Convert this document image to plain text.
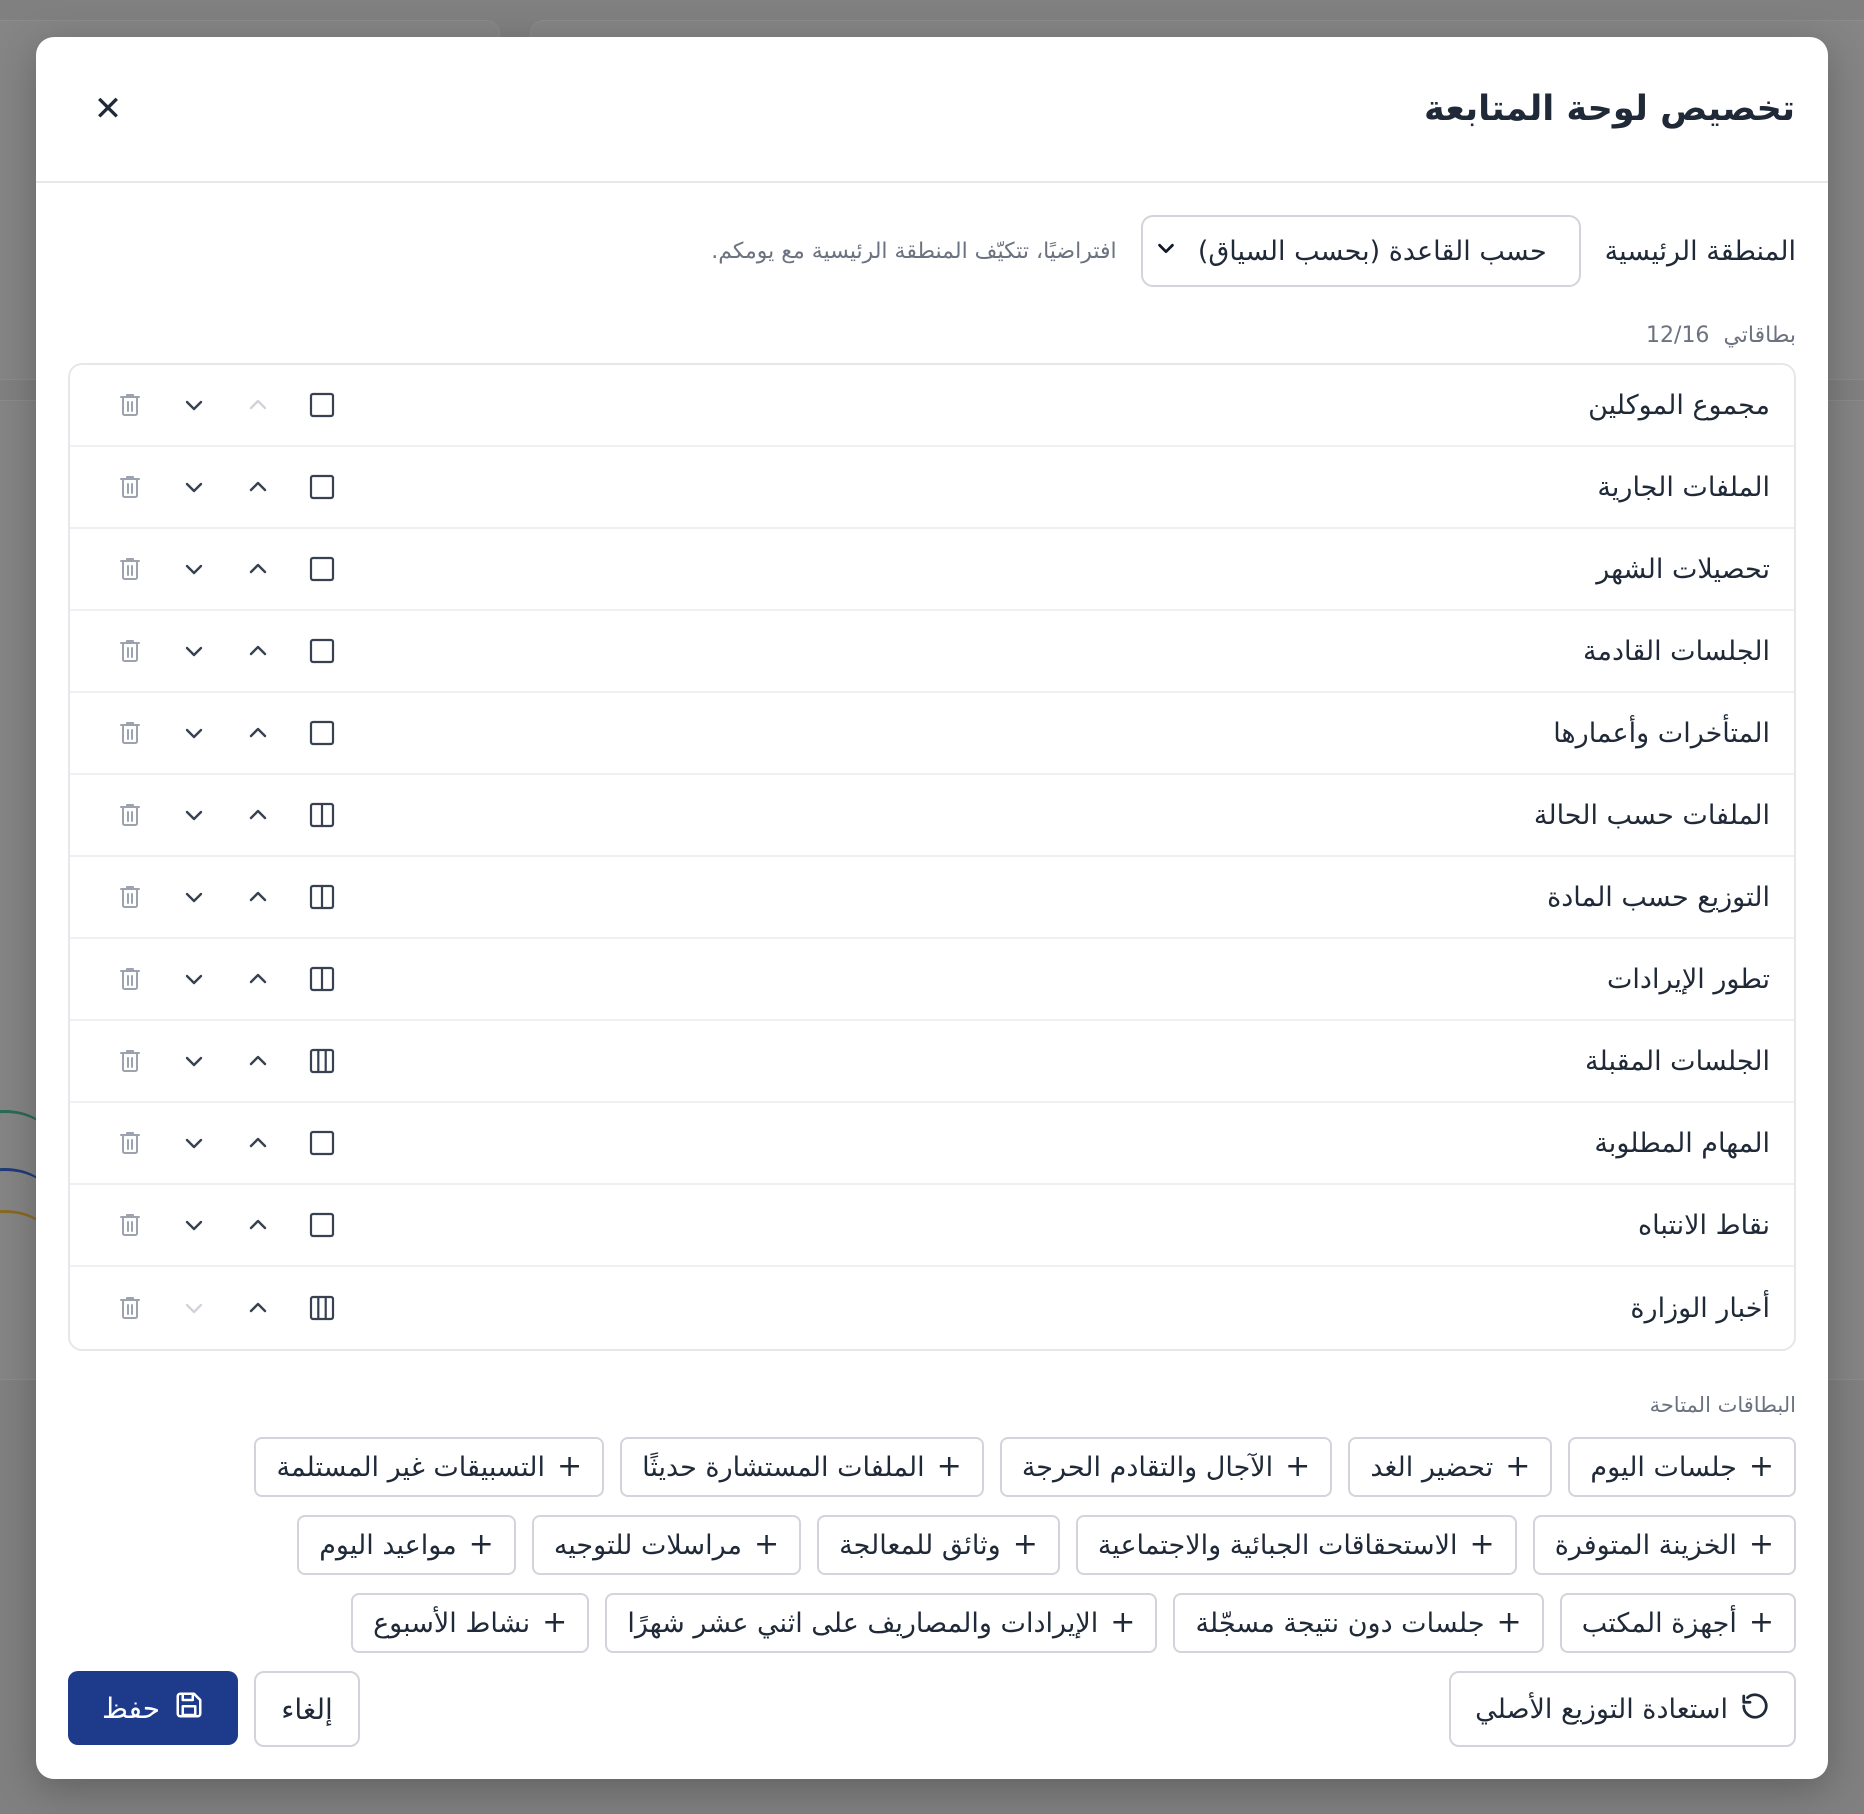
تخصيص لوحة المتابعة
✕
المنطقة الرئيسية
حسب القاعدة (بحسب السياق)
افتراضيًا، تتكيّف المنطقة الرئيسية مع يومكم.
بطاقاتي
12/16
مجموع الموكلين
الملفات الجارية
تحصيلات الشهر
الجلسات القادمة
المتأخرات وأعمارها
الملفات حسب الحالة
التوزيع حسب المادة
تطور الإيرادات
الجلسات المقبلة
المهام المطلوبة
نقاط الانتباه
أخبار الوزارة
البطاقات المتاحة
+
جلسات اليوم
+
تحضير الغد
+
الآجال والتقادم الحرجة
+
الملفات المستشارة حديثًا
+
التسبيقات غير المستلمة
+
الخزينة المتوفرة
+
الاستحقاقات الجبائية والاجتماعية
+
وثائق للمعالجة
+
مراسلات للتوجيه
+
مواعيد اليوم
+
أجهزة المكتب
+
جلسات دون نتيجة مسجّلة
+
الإيرادات والمصاريف على اثني عشر شهرًا
+
نشاط الأسبوع
استعادة التوزيع الأصلي
حفظ	إلغاء
